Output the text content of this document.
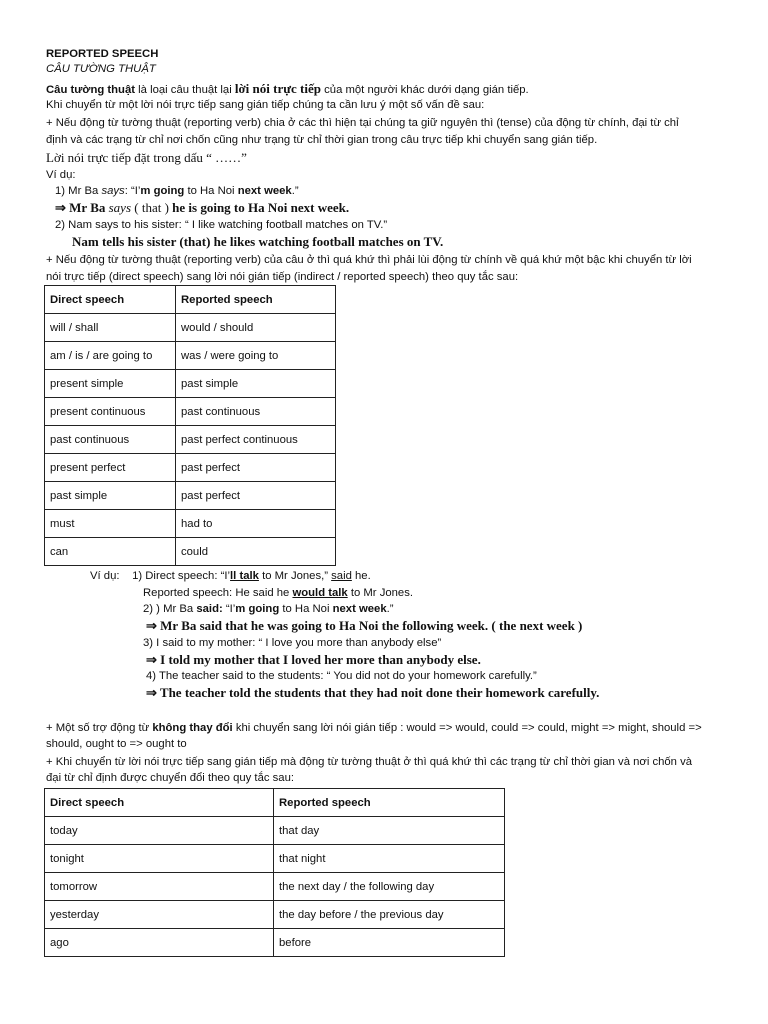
REPORTED SPEECH
CÂU TƯỜNG THUẬT
Câu tường thuật là loại câu thuật lại lời nói trực tiếp của một người khác dưới dạng gián tiếp.
Khi chuyển từ một lời nói trực tiếp sang gián tiếp chúng ta cần lưu ý một số vấn đề sau:
+ Nếu động từ tường thuật (reporting verb) chia ở các thì hiện tại chúng ta giữ nguyên thì (tense) của động từ chính, đại từ chỉ
định và các trạng từ chỉ nơi chốn cũng như trạng từ chỉ thời gian trong câu trực tiếp khi chuyển sang gián tiếp.
Lời nói trực tiếp đặt trong dấu “ ……”
Ví dụ:
1) Mr Ba says: “I’m going to Ha Noi next week.”
⇒ Mr Ba says ( that ) he is going to Ha Noi next week.
2) Nam says to his sister: “ I like watching football matches on TV.”
Nam tells his sister (that) he likes watching football matches on TV.
+ Nếu động từ tường thuật (reporting verb) của câu ở thì quá khứ thì phải lùi động từ chính về quá khứ một bậc khi chuyển từ lời
nói trực tiếp (direct speech) sang lời nói gián tiếp (indirect / reported speech) theo quy tắc sau:
Direct speech	Reported speech
will / shall	would / should
am / is / are going to	was / were going to
present simple	past simple
present continuous	past continuous
past continuous	past perfect continuous
present perfect	past perfect
past simple	past perfect
must	had to
can	could
Ví dụ: 1) Direct speech: “I’ll talk to Mr Jones,” said he.
Reported speech: He said he would talk to Mr Jones.
2) ) Mr Ba said: “I’m going to Ha Noi next week.”
⇒ Mr Ba said that he was going to Ha Noi the following week. ( the next week )
3) I said to my mother: “ I love you more than anybody else”
⇒ I told my mother that I loved her more than anybody else.
4) The teacher said to the students: “ You did not do your homework carefully.”
⇒ The teacher told the students that they had noit done their homework carefully.
+ Một số trợ động từ không thay đổi khi chuyển sang lời nói gián tiếp : would => would, could => could, might => might, should =>
should, ought to => ought to
+ Khi chuyển từ lời nói trực tiếp sang gián tiếp mà động từ tường thuật ở thì quá khứ thì các trạng từ chỉ thời gian và nơi chốn và
đại từ chỉ định được chuyển đổi theo quy tắc sau:
Direct speech	Reported speech
today	that day
tonight	that night
tomorrow	the next day / the following day
yesterday	the day before / the previous day
ago	before
